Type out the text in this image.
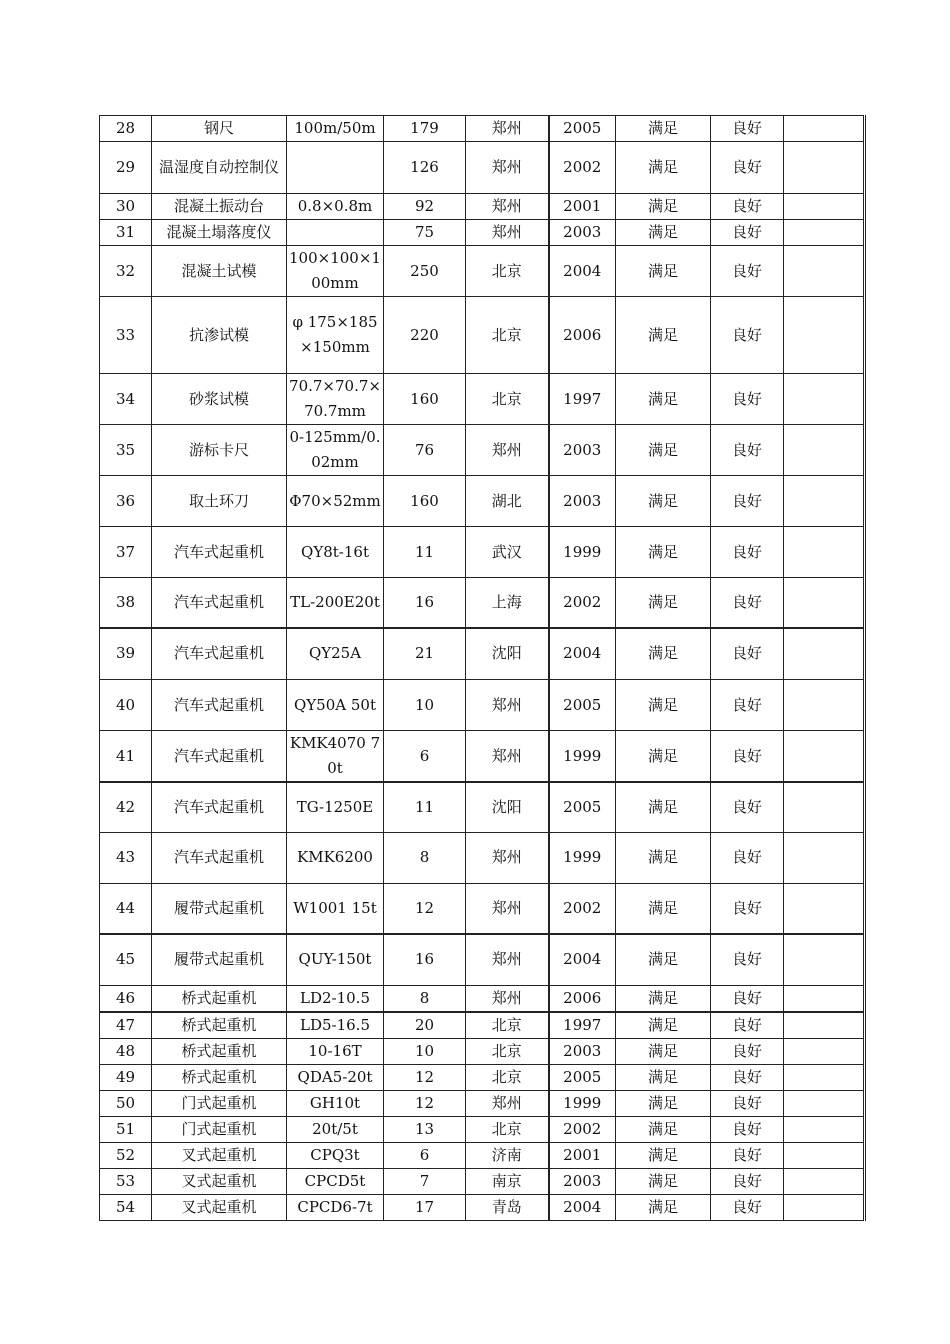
28	钢尺	100m/50m	179	郑州	2005	满足	良好	
29	温湿度自动控制仪		126	郑州	2002	满足	良好	
30	混凝土振动台	0.8×0.8m	92	郑州	2001	满足	良好	
31	混凝土塌落度仪		75	郑州	2003	满足	良好	
32	混凝土试模	100×100×100mm	250	北京	2004	满足	良好	
33	抗渗试模	φ 175×185×150mm	220	北京	2006	满足	良好	
34	砂浆试模	70.7×70.7×70.7mm	160	北京	1997	满足	良好	
35	游标卡尺	0-125mm/0.02mm	76	郑州	2003	满足	良好	
36	取土环刀	Φ70×52mm	160	湖北	2003	满足	良好	
37	汽车式起重机	QY8t-16t	11	武汉	1999	满足	良好	
38	汽车式起重机	TL-200E20t	16	上海	2002	满足	良好	
39	汽车式起重机	QY25A	21	沈阳	2004	满足	良好	
40	汽车式起重机	QY50A 50t	10	郑州	2005	满足	良好	
41	汽车式起重机	KMK4070 70t	6	郑州	1999	满足	良好	
42	汽车式起重机	TG-1250E	11	沈阳	2005	满足	良好	
43	汽车式起重机	KMK6200	8	郑州	1999	满足	良好	
44	履带式起重机	W1001 15t	12	郑州	2002	满足	良好	
45	履带式起重机	QUY-150t	16	郑州	2004	满足	良好	
46	桥式起重机	LD2-10.5	8	郑州	2006	满足	良好	
47	桥式起重机	LD5-16.5	20	北京	1997	满足	良好	
48	桥式起重机	10-16T	10	北京	2003	满足	良好	
49	桥式起重机	QDA5-20t	12	北京	2005	满足	良好	
50	门式起重机	GH10t	12	郑州	1999	满足	良好	
51	门式起重机	20t/5t	13	北京	2002	满足	良好	
52	叉式起重机	CPQ3t	6	济南	2001	满足	良好	
53	叉式起重机	CPCD5t	7	南京	2003	满足	良好	
54	叉式起重机	CPCD6-7t	17	青岛	2004	满足	良好	
